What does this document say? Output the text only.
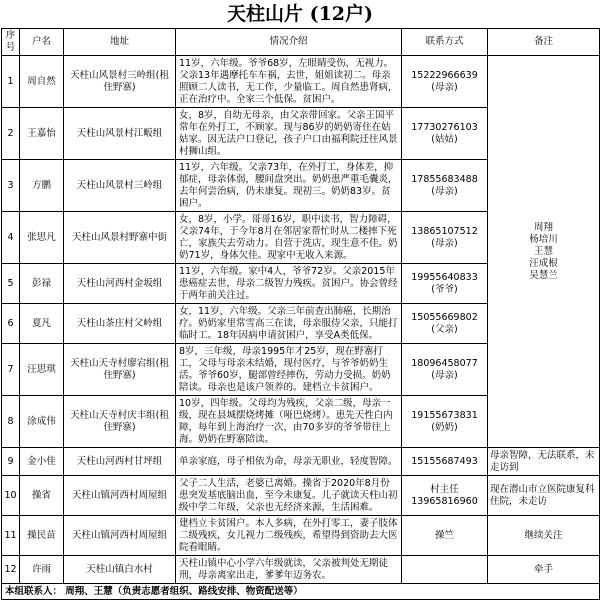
天柱山片 (12户)
序号	户名	地址	情况介绍	联系方式	备注
1	周自然	天柱山风景村三岭组(租住野寨)	11岁，六年级。爷爷68岁，左眼睛受伤，无视力。父亲13年遇摩托车车祸，去世，姐姐读初二。母亲照顾二人读书，无工作，少量临工。周自然患肾病，正在治疗中。全家三个低保。贫困户。	15222966639
(母亲)	周翔
杨培川
王慧
汪成根
吴慧兰
2	王嘉怡	天柱山风景村江畈组	女，8岁，自幼无母亲，由父亲带回家。父亲王国平常年在外打工，不顾家。现与86岁的奶奶寄住在姑姑家。因无法户口登记，孩子户口由福利院迁往风景村狮山组。	17730276103
(姑姑)	
3	方鹏	天柱山风景村三岭组	11岁，六年级。父亲73年，在外打工，身体差，抑郁症，母亲体弱，腰间盘突出。奶奶患严重毛囊炎，去年何尝治病，仍未康复。现初三。奶奶83岁。贫困户。	17855683488
(母亲)	
4	张思凡	天柱山风景村野寨中街	女，8岁，小学。哥哥16岁，职中读书，智力障碍，父亲74年，于今年8月在邻居家帮忙时从二楼摔下死亡，家族失去劳动力。自营于洗店，现生意不佳。奶奶71岁，身体欠佳。现家中无收入来源。	13865107512
(母亲)	
5	彭禄	天柱山河西村金坂组	11岁，六年级。家中4人，爷爷72岁。父亲2015年患癌症去世，母亲二级智力残疾。贫困户。协会曾经于两年前关注过。	19955640833
(爷爷)	
6	夏凡	天柱山茶庄村父岭组	女，11岁，六年级。父亲三年前查出肺癌，长期治疗。奶奶家里常雪高三在读，母亲服侍父亲，只能打临时工。18年因病申请贫困户，享受A类低保。	15055669802
(父亲)	
7	汪思琪	天柱山天寺村廖宕组(租住野寨)	8岁，三年级，母亲1995年才25岁，现在野寨打工，父母与母亲未结婚，现付医疗，与爷爷奶奶生活。爷爷60岁，腿部曾经摔伤，劳动力受损。奶奶陪读。母亲也是该户领养的。建档立卡贫困户。	18096458077
(母亲)	
8	涂成伟	天柱山天寺村庆丰组(租住野寨)	10岁，四年级。父母均为残疾，父亲二级，母亲一级，现在县城摆烧烤摊（哑巴烧烤）。患先天性白内障，每年到上海治疗一次，由70多岁的爷爷带往上海。奶奶在野寨陪读。	19155673831
(奶奶)	
9	金小佳	天柱山河西村甘坪组	单亲家庭，母子相依为命，母亲无职业，轻度智障。	15155687493	母亲智障，无法联系，未走访到
10	操省	天柱山镇河西村周屋组	父子二人生活，老婆已离婚。操省于2020年8月份患突发基底脑出血，至今未康复。儿子就读天柱山初级中学二年级，父亲也无经济来源，生活困难。	村主任
13965816960	现在潜山市立医院康复科住院，未走访
11	操民苗	天柱山镇河西村周屋组	建档立卡贫困户。本人多病，在外打零工，妻子肢体二级残疾，女儿视力二级残疾，希望得到资助去大医院看眼睛。	操竺	继续关注
12	许雨	天柱山镇白水村	天柱山镇中心小学六年级就读，父亲被判处无期徒刑，母亲离家出走，爹爹年迈务农。		牵手
本组联系人： 周翔、王慧（负责志愿者组织、路线安排、物资配送等）					
